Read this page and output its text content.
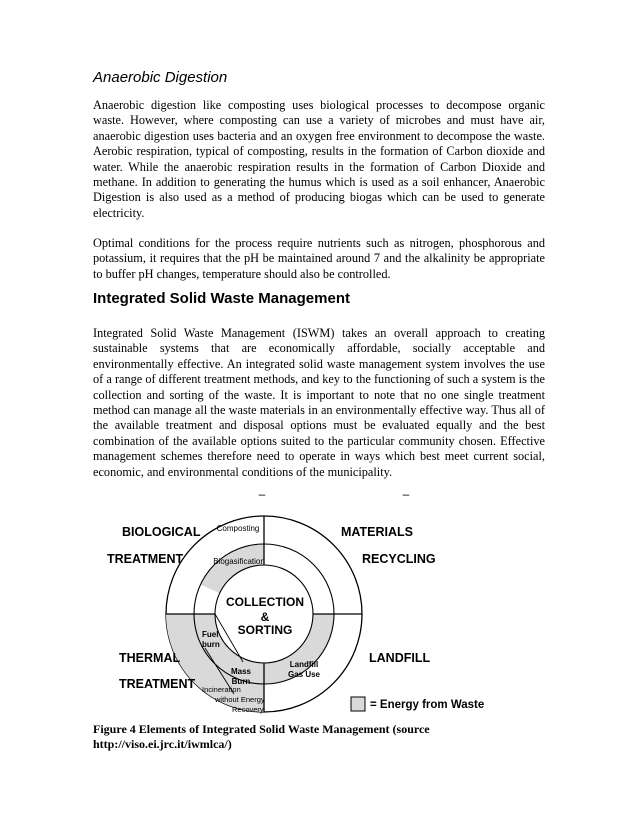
Anaerobic Digestion

Anaerobic digestion like composting uses biological processes to decompose organic waste. However, where composting can use a variety of microbes and must have air, anaerobic digestion uses bacteria and an oxygen free environment to decompose the waste. Aerobic respiration, typical of composting, results in the formation of Carbon dioxide and water. While the anaerobic respiration results in the formation of Carbon Dioxide and methane. In addition to generating the humus which is used as a soil enhancer, Anaerobic Digestion is also used as a method of producing biogas which can be used to generate electricity.

Optimal conditions for the process require nutrients such as nitrogen, phosphorous and potassium, it requires that the pH be maintained around 7 and the alkalinity be appropriate to buffer pH changes, temperature should also be controlled.

Integrated Solid Waste Management

Integrated Solid Waste Management (ISWM) takes an overall approach to creating sustainable systems that are economically affordable, socially acceptable and environmentally effective. An integrated solid waste management system involves the use of a range of different treatment methods, and key to the functioning of such a system is the collection and sorting of the waste. It is important to note that no one single treatment method can manage all the waste materials in an environmentally effective way. Thus all of the available treatment and disposal options must be evaluated equally and the best combination of the available options suited to the particular community chosen. Effective management schemes therefore need to operate in ways which best meet current social, economic, and environmental conditions of the municipality.

–	–
COLLECTION
&
SORTING
Composting
Biogasification
Fuel
burn
Mass
Burn
Landfill
Gas Use
Incineration
without Energy
Recovery
BIOLOGICAL
TREATMENT
MATERIALS
RECYCLING
THERMAL
TREATMENT
LANDFILL
= Energy from Waste
Figure 4 Elements of Integrated Solid Waste Management (source
http://viso.ei.jrc.it/iwmlca/)
